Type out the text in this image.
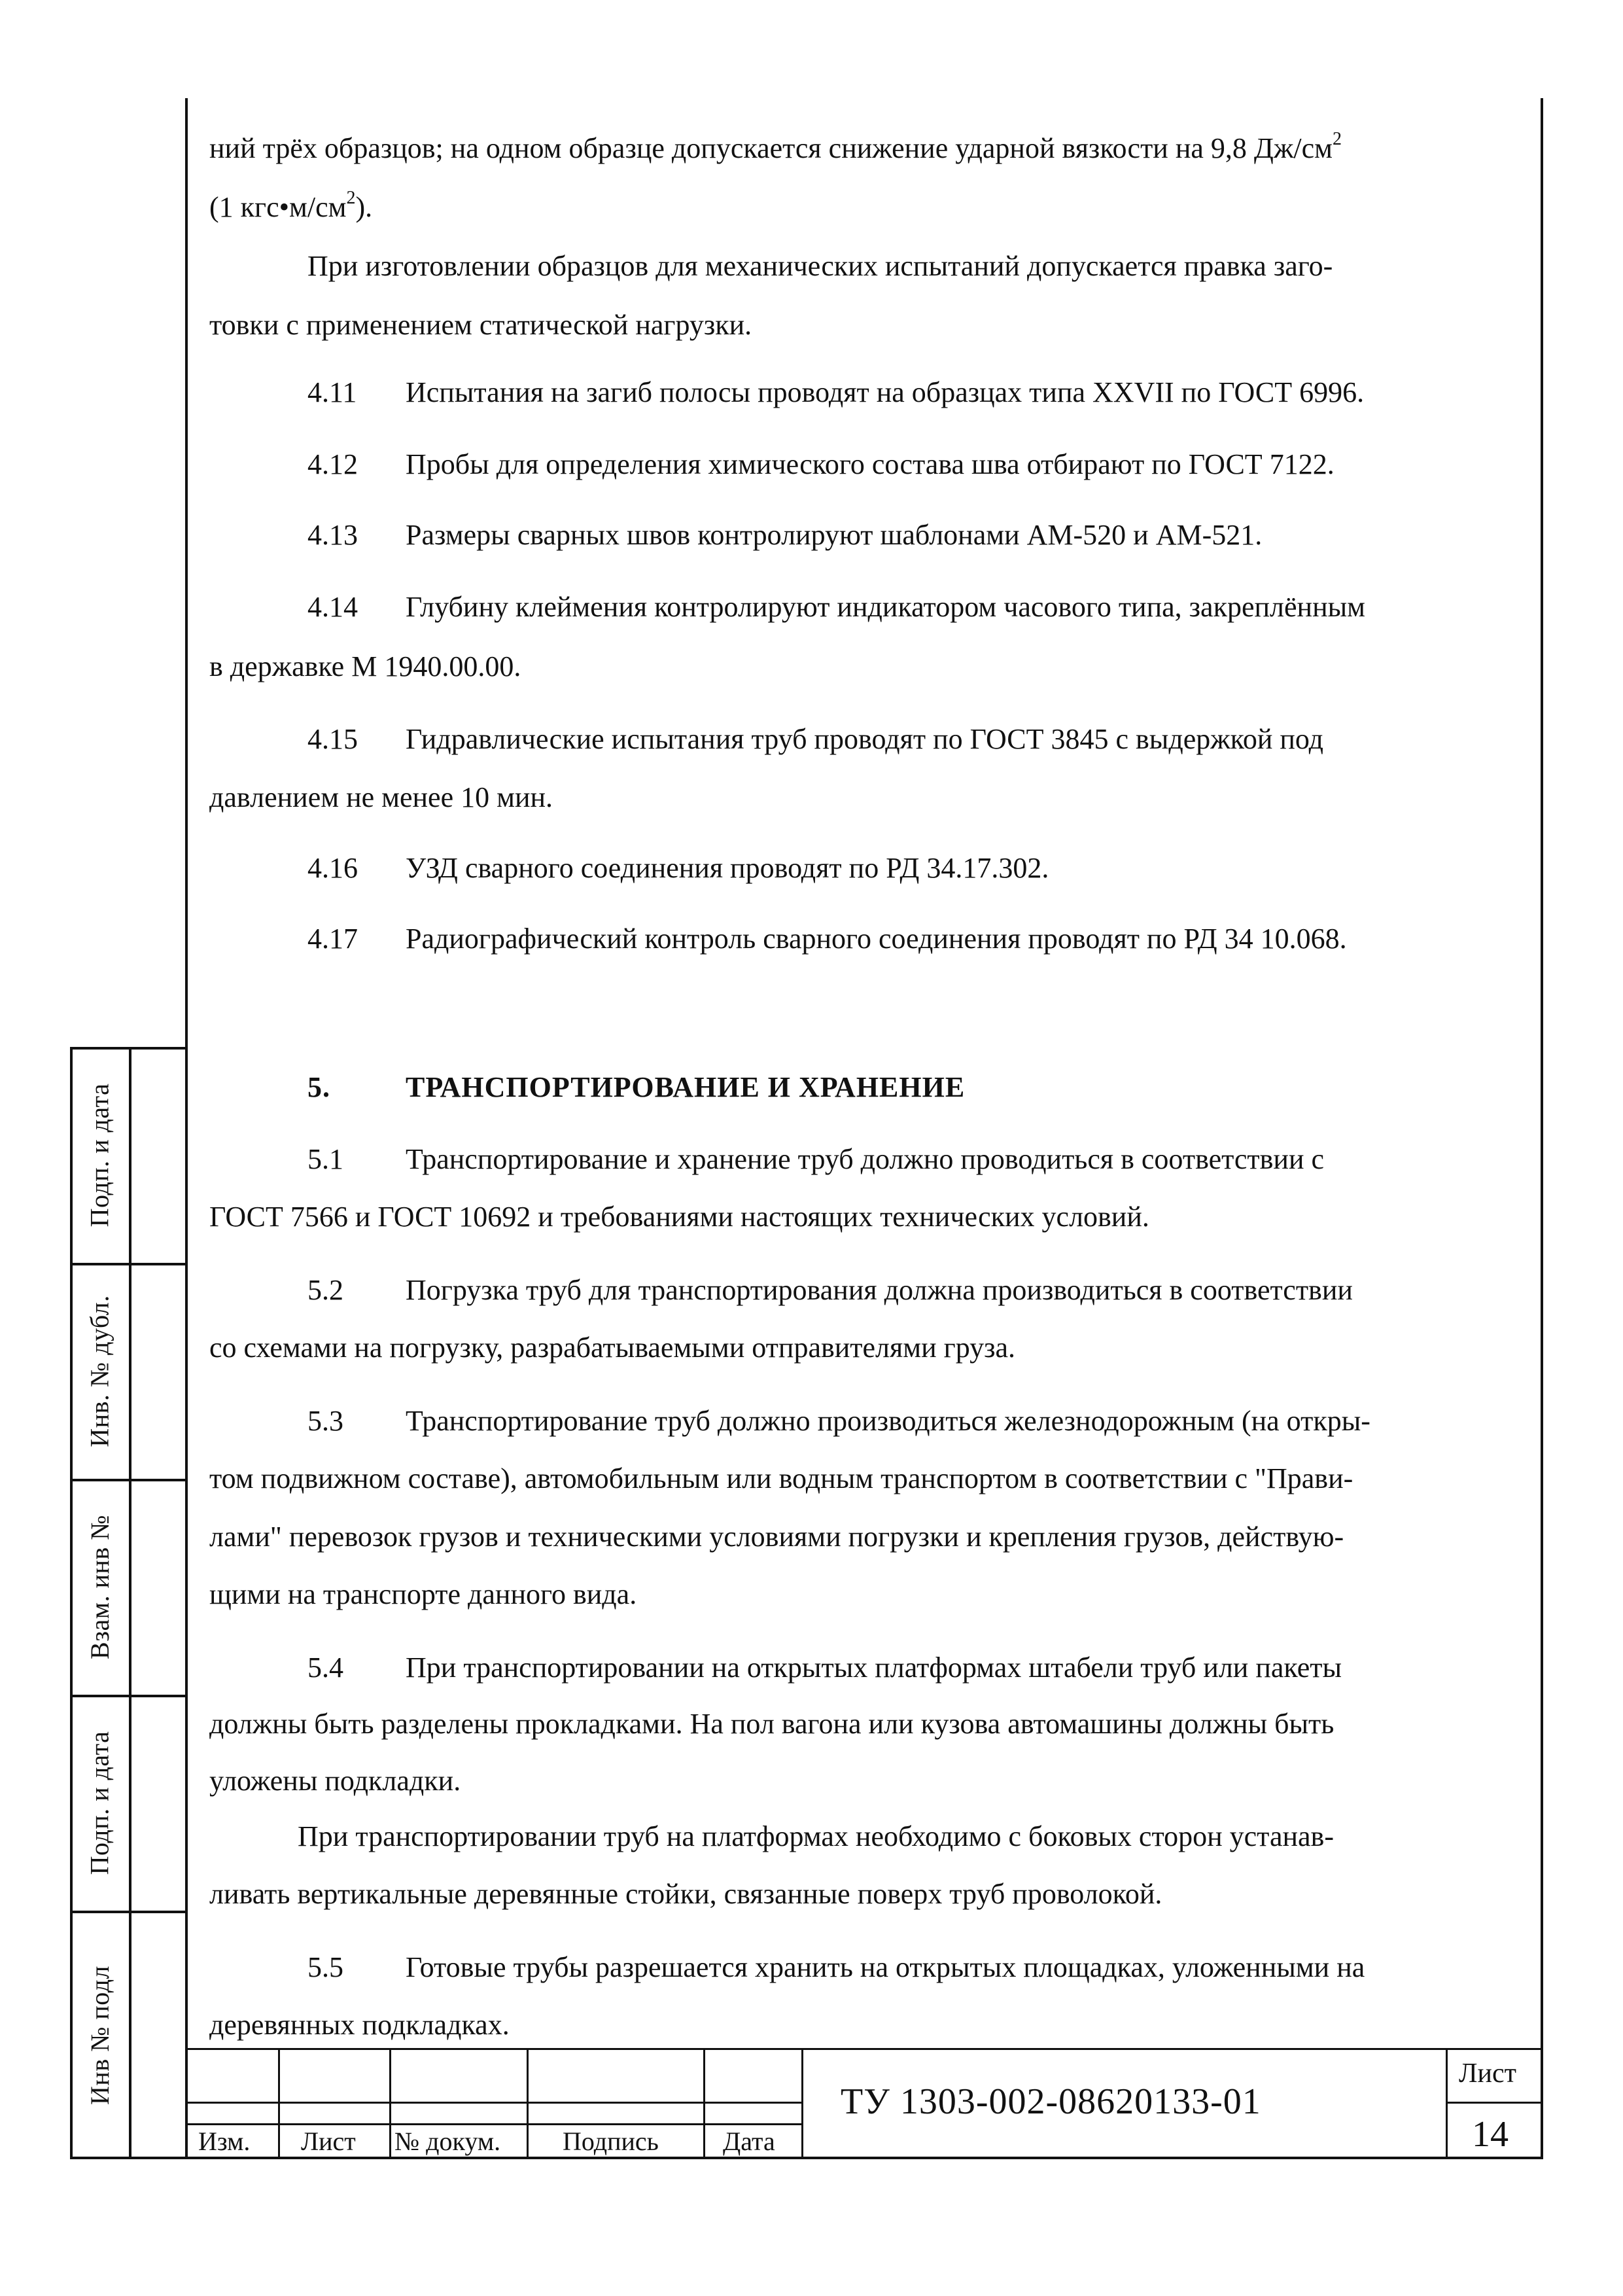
Подп. и дата
Инв. № дубл.
Взам. инв №
Подп. и дата
Инв № подл
ний трёх образцов; на одном образце допускается снижение ударной вязкости на 9,8 $Дж/см^2$
(1 $кгс•м/см^2$).
При изготовлении образцов для механических испытаний допускается правка заго-
товки с применением статической нагрузки.
4.11 Испытания на загиб полосы проводят на образцах типа XXVII по ГОСТ 6996.
4.12 Пробы для определения химического состава шва отбирают по ГОСТ 7122.
4.13 Размеры сварных швов контролируют шаблонами АМ-520 и АМ-521.
4.14 Глубину клеймения контролируют индикатором часового типа, закреплённым
в державке М 1940.00.00.
4.15 Гидравлические испытания труб проводят по ГОСТ 3845 с выдержкой под
давлением не менее 10 мин.
4.16 УЗД сварного соединения проводят по РД 34.17.302.
4.17 Радиографический контроль сварного соединения проводят по РД 34 10.068.
5.	ТРАНСПОРТИРОВАНИЕ И ХРАНЕНИЕ
5.1 Транспортирование и хранение труб должно проводиться в соответствии с
ГОСТ 7566 и ГОСТ 10692 и требованиями настоящих технических условий.
5.2 Погрузка труб для транспортирования должна производиться в соответствии
со схемами на погрузку, разрабатываемыми отправителями груза.
5.3 Транспортирование труб должно производиться железнодорожным (на откры-
том подвижном составе), автомобильным или водным транспортом в соответствии с "Прави-
лами" перевозок грузов и техническими условиями погрузки и крепления грузов, действую-
щими на транспорте данного вида.
5.4 При транспортировании на открытых платформах штабели труб или пакеты
должны быть разделены прокладками. На пол вагона или кузова автомашины должны быть
уложены подкладки.
При транспортировании труб на платформах необходимо с боковых сторон устанав-
ливать вертикальные деревянные стойки, связанные поверх труб проволокой.
5.5 Готовые трубы разрешается хранить на открытых площадках, уложенными на
деревянных подкладках.
Изм. Лист № докум. Подпись Дата
ТУ 1303-002-08620133-01
Лист
14
